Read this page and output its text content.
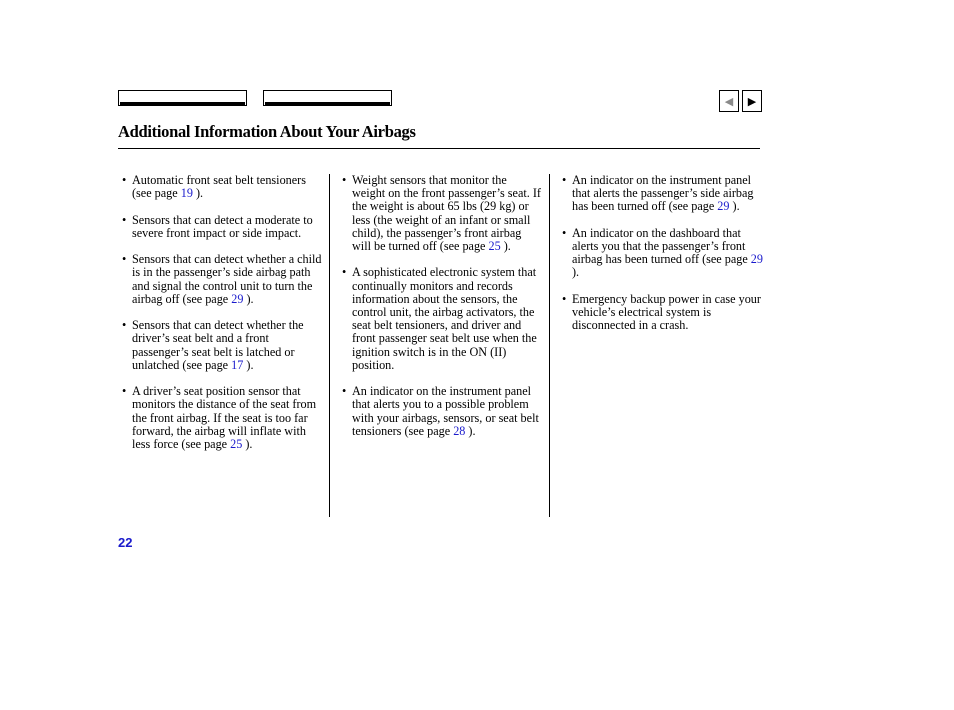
◀	▶
Additional Information About Your Airbags
• Automatic front seat belt tensioners (see page 19 ).
• Sensors that can detect a moderate to severe front impact or side impact.
• Sensors that can detect whether a child is in the passenger’s side airbag path and signal the control unit to turn the airbag off (see page 29 ).
• Sensors that can detect whether the driver’s seat belt and a front passenger’s seat belt is latched or unlatched (see page 17 ).
• A driver’s seat position sensor that monitors the distance of the seat from the front airbag. If the seat is too far forward, the airbag will inflate with less force (see page 25 ).
• Weight sensors that monitor the weight on the front passenger’s seat. If the weight is about 65 lbs (29 kg) or less (the weight of an infant or small child), the passenger’s front airbag will be turned off (see page 25 ).
• A sophisticated electronic system that continually monitors and records information about the sensors, the control unit, the airbag activators, the seat belt tensioners, and driver and front passenger seat belt use when the ignition switch is in the ON (II) position.
• An indicator on the instrument panel that alerts you to a possible problem with your airbags, sensors, or seat belt tensioners (see page 28 ).
• An indicator on the instrument panel that alerts the passenger’s side airbag has been turned off (see page 29 ).
• An indicator on the dashboard that alerts you that the passenger’s front airbag has been turned off (see page 29 ).
• Emergency backup power in case your vehicle’s electrical system is disconnected in a crash.
22
